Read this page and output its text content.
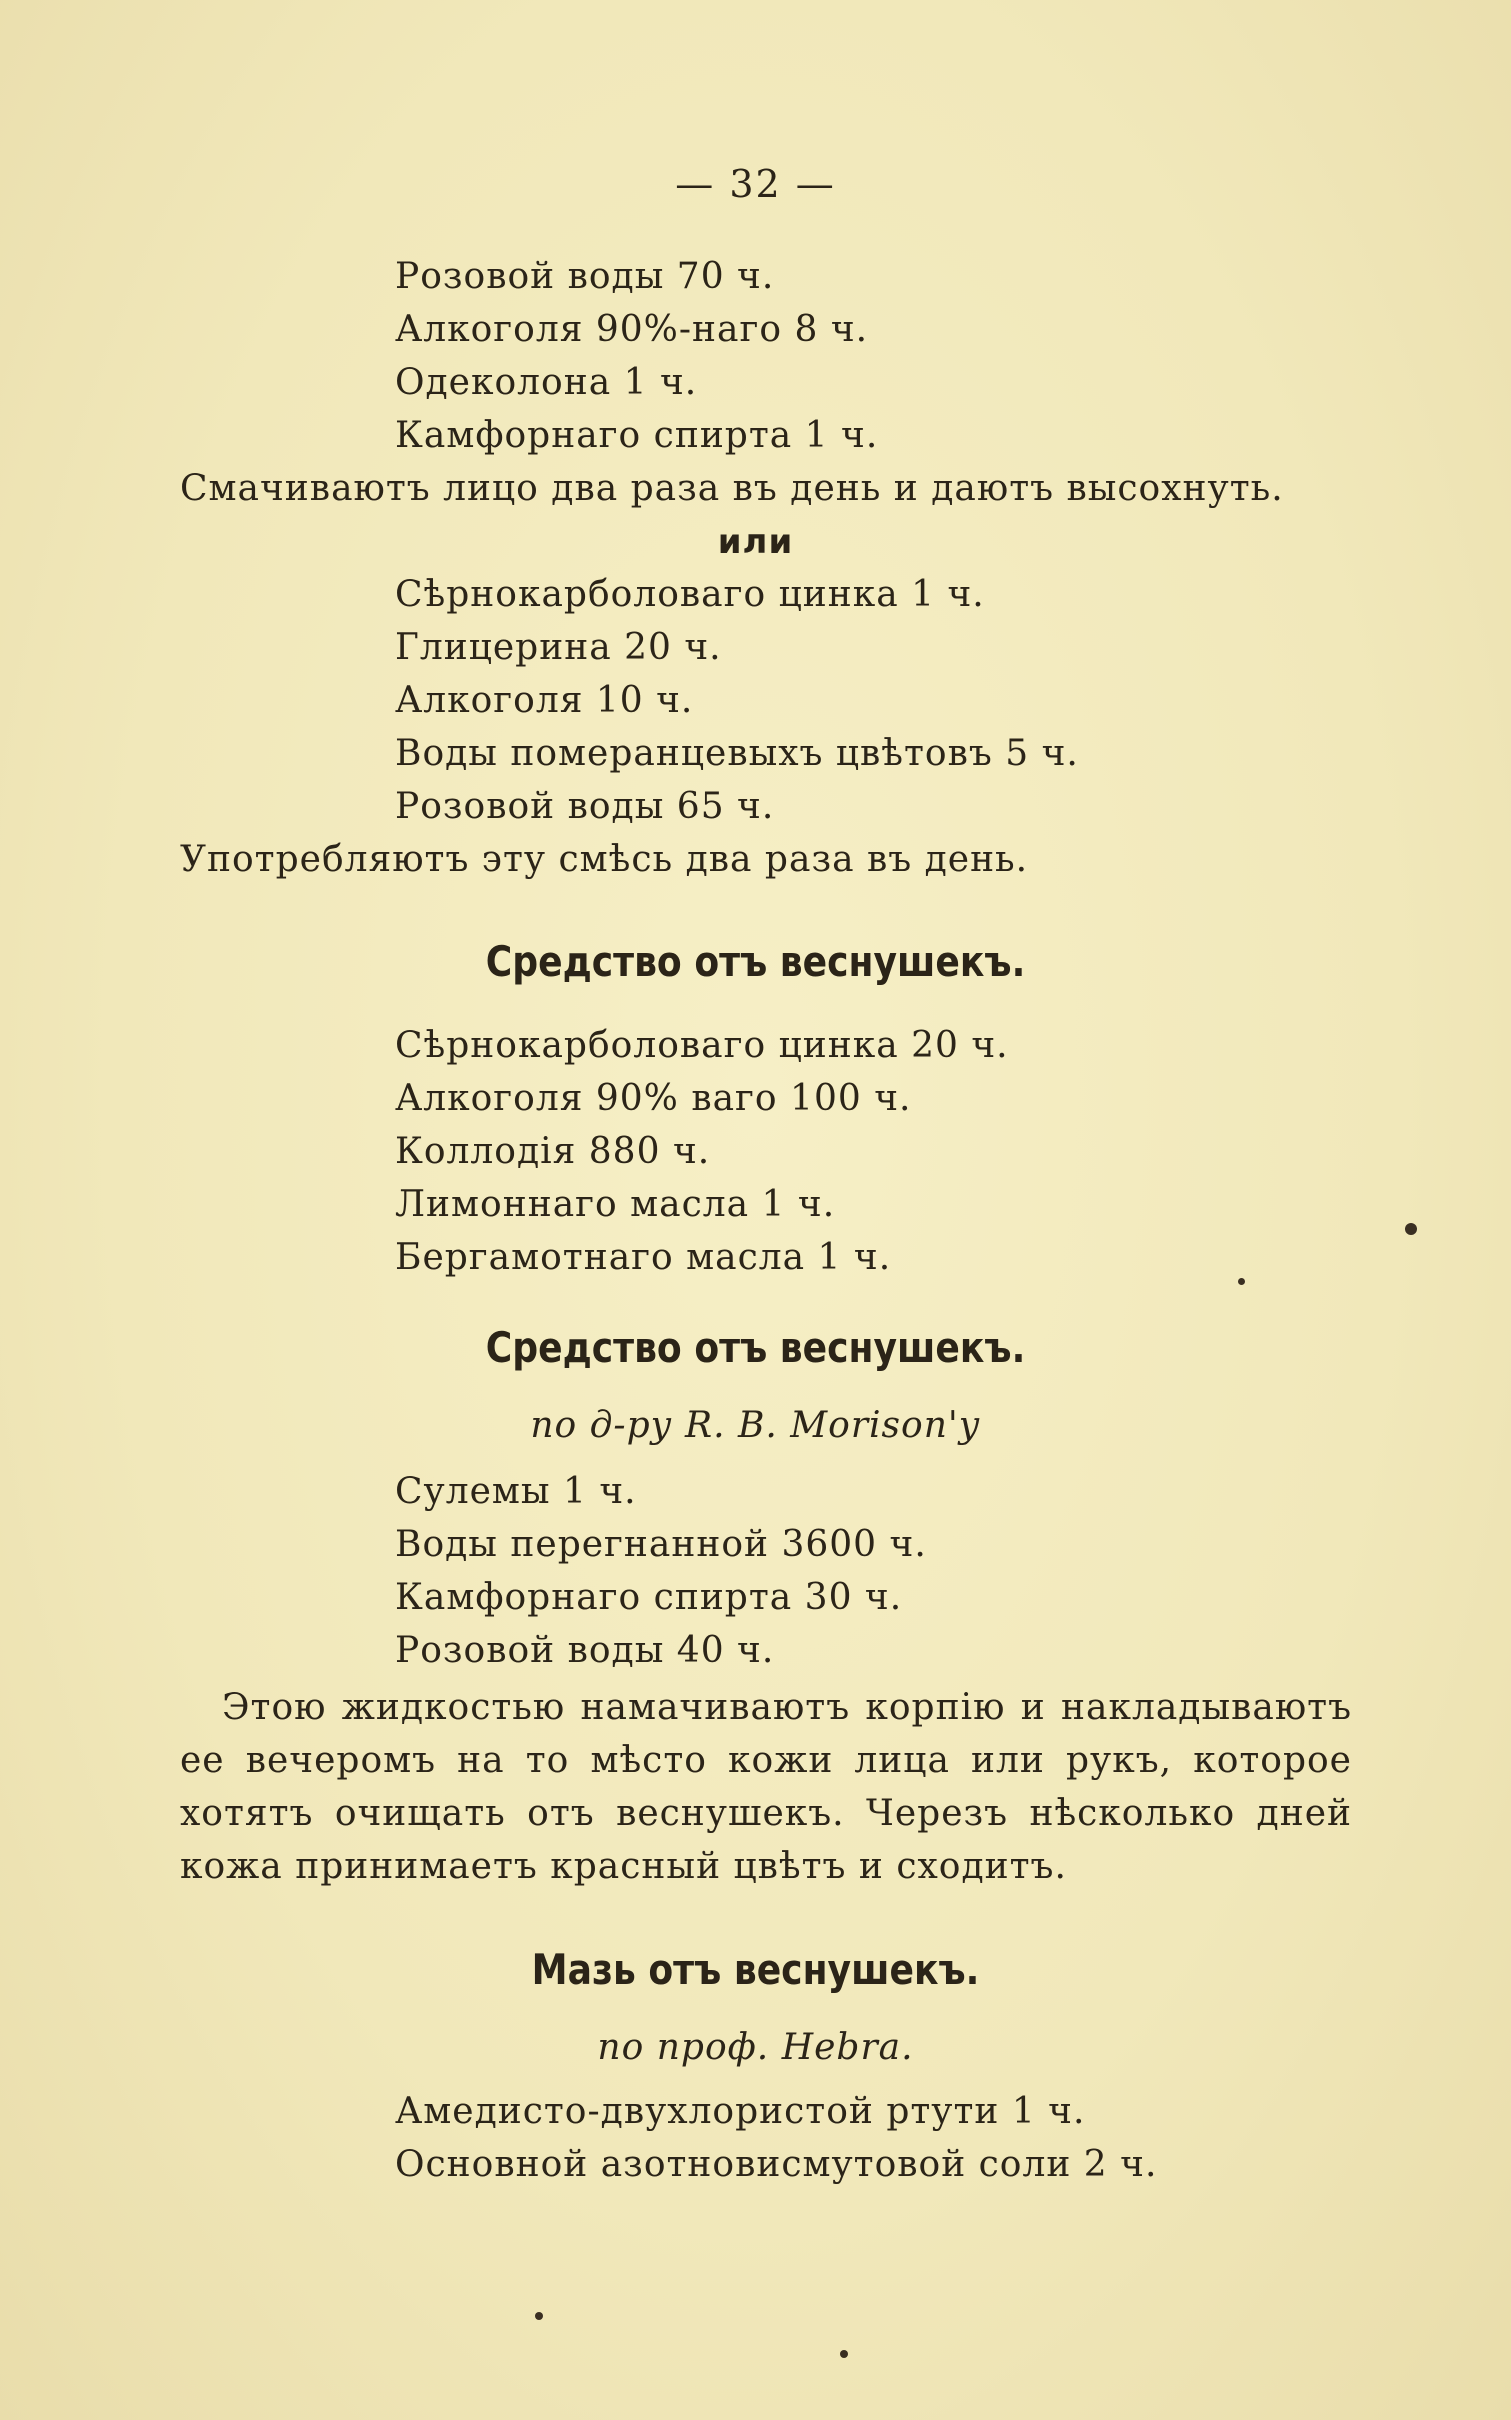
— 32 —
Розовой воды 70 ч.
Алкоголя 90%-наго 8 ч.
Одеколона 1 ч.
Камфорнаго спирта 1 ч.
Смачиваютъ лицо два раза въ день и даютъ высохнуть.
или
Сѣрнокарболоваго цинка 1 ч.
Глицерина 20 ч.
Алкоголя 10 ч.
Воды померанцевыхъ цвѣтовъ 5 ч.
Розовой воды 65 ч.
Употребляютъ эту смѣсь два раза въ день.
Средство отъ веснушекъ.
Сѣрнокарболоваго цинка 20 ч.
Алкоголя 90% ваго 100 ч.
Коллодія 880 ч.
Лимоннаго масла 1 ч.
Бергамотнаго масла 1 ч.
Средство отъ веснушекъ.
по д-ру R. B. Morison'у
Сулемы 1 ч.
Воды перегнанной 3600 ч.
Камфорнаго спирта 30 ч.
Розовой воды 40 ч.
Этою жидкостью намачиваютъ корпію и накладываютъ
ее вечеромъ на то мѣсто кожи лица или рукъ, которое
хотятъ очищать отъ веснушекъ. Черезъ нѣсколько дней
кожа принимаетъ красный цвѣтъ и сходитъ.
Мазь отъ веснушекъ.
по проф. Hebra.
Амедисто-двухлористой ртути 1 ч.
Основной азотновисмутовой соли 2 ч.
